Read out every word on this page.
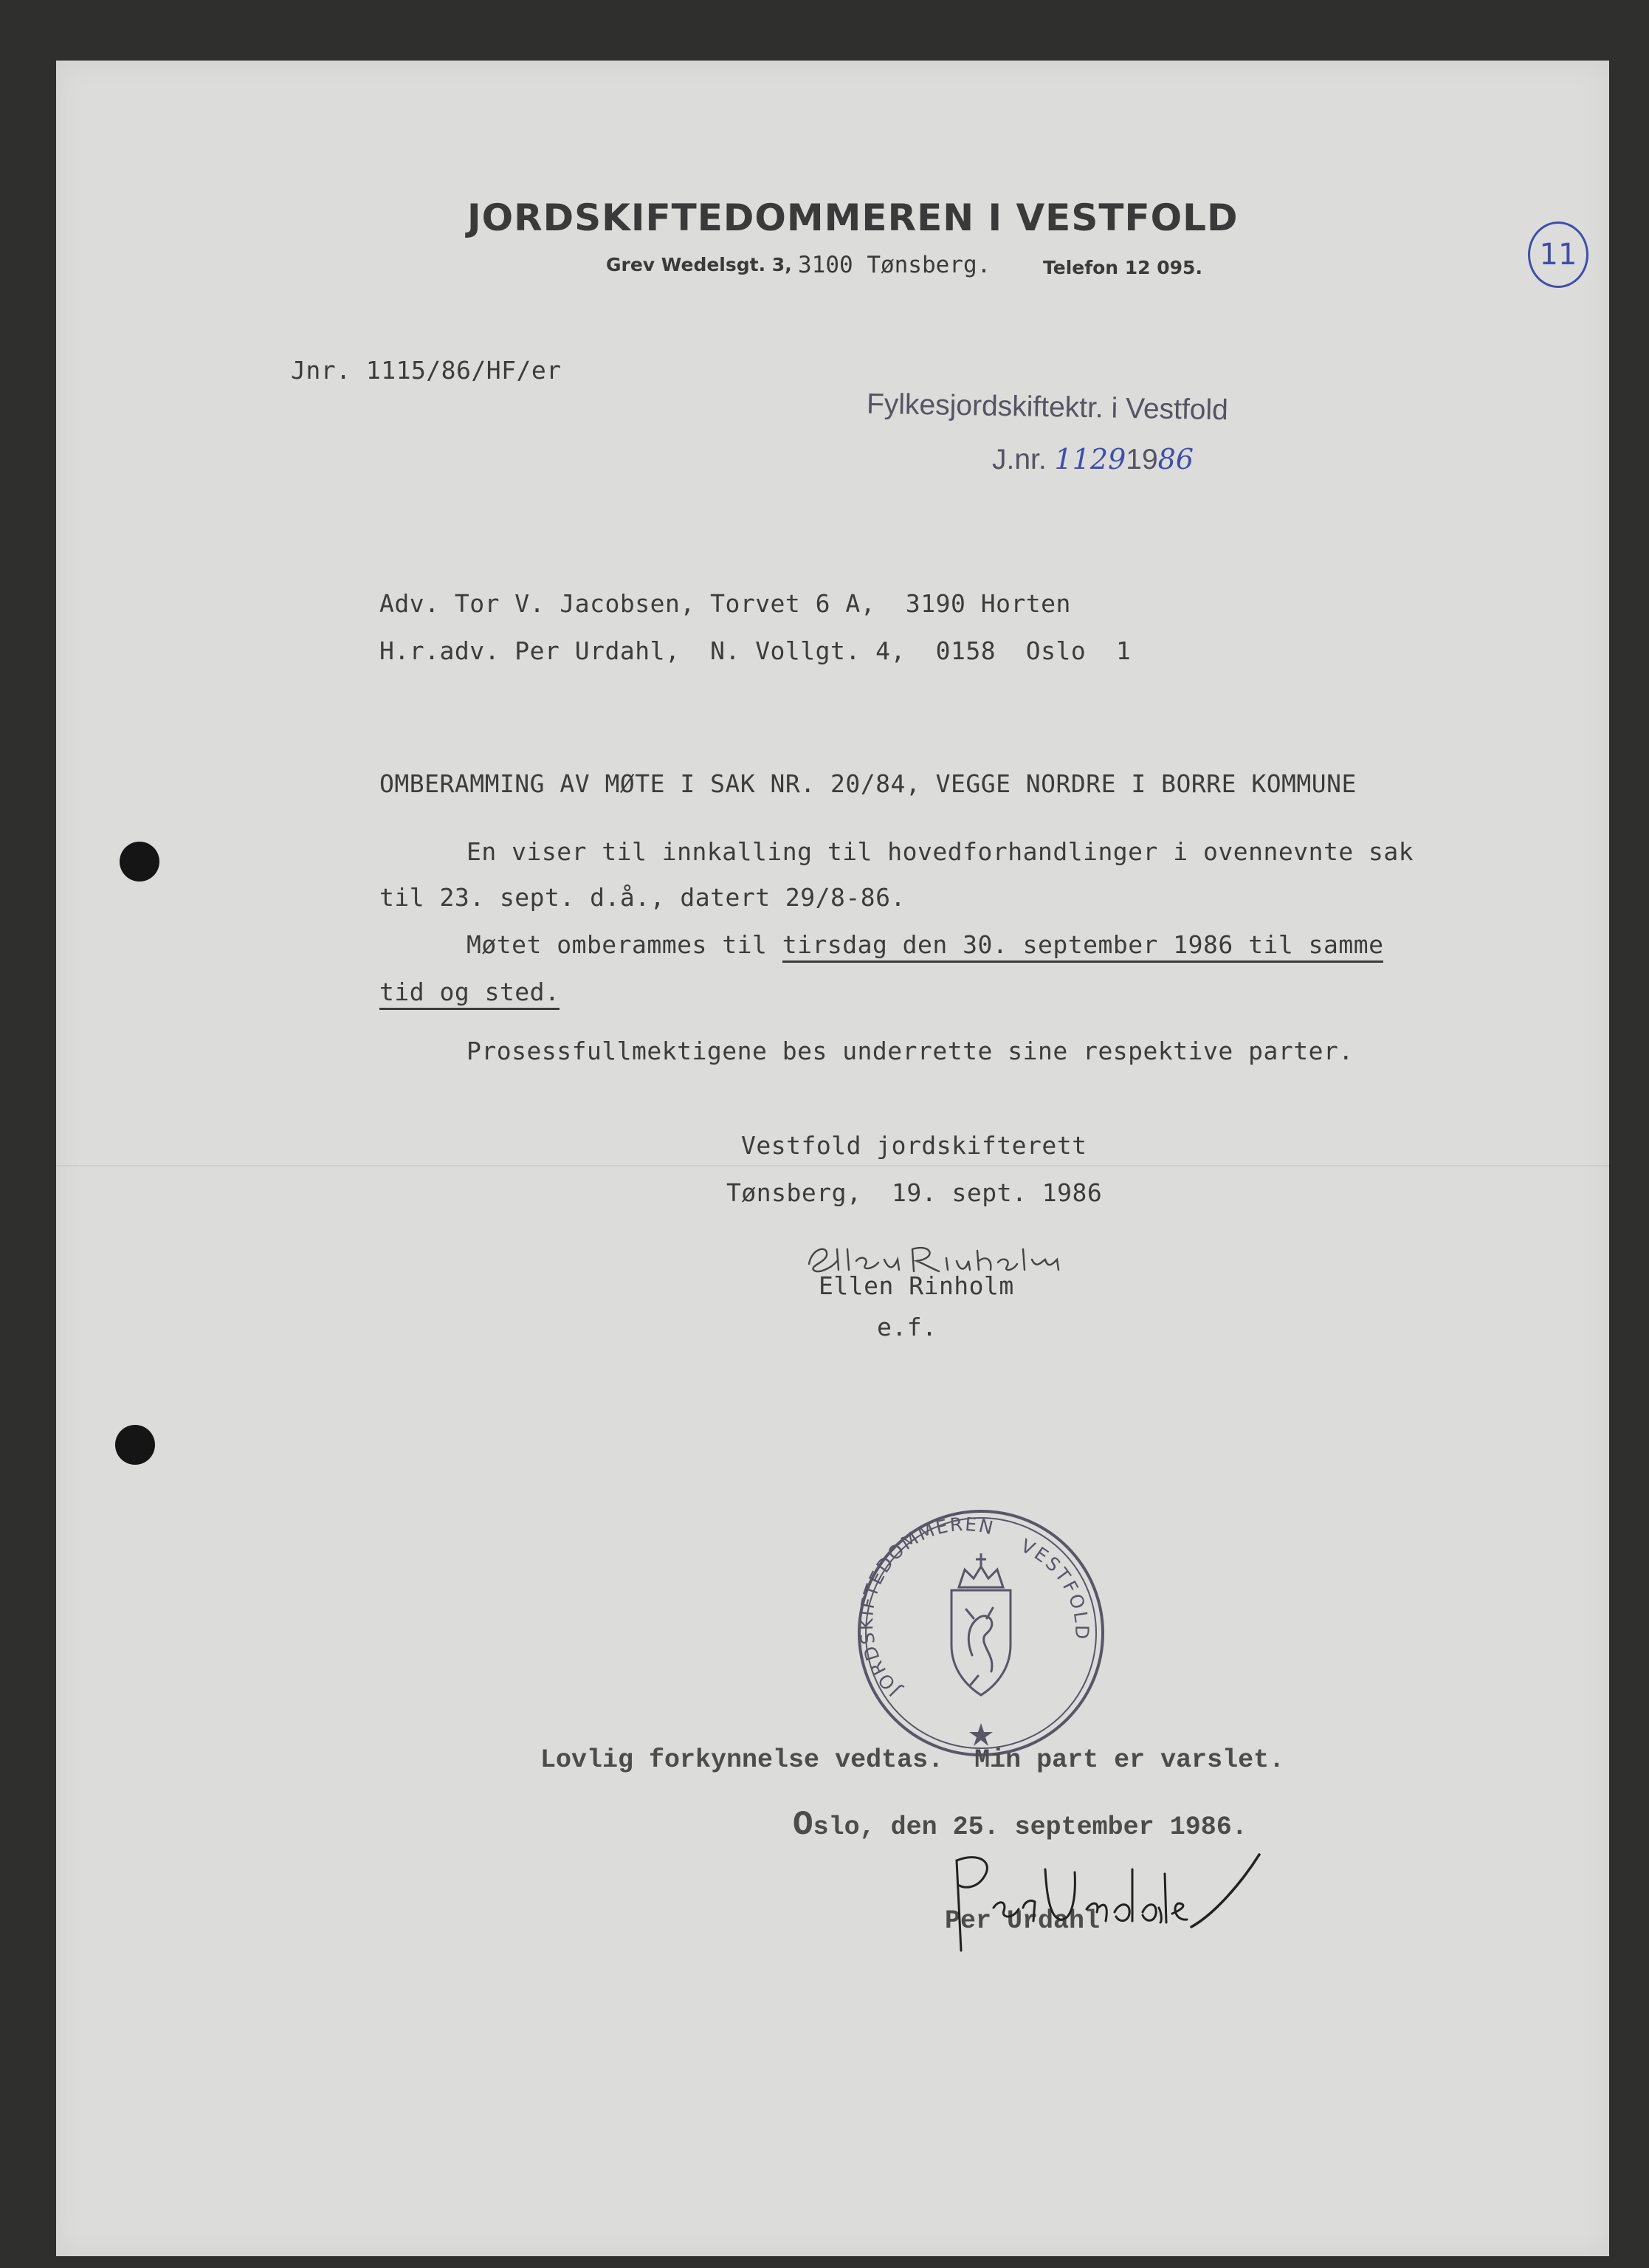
11
JORDSKIFTEDOMMEREN I VESTFOLD
Grev Wedelsgt. 3, 3100 Tønsberg.	Telefon 12 095.
Jnr. 1115/86/HF/er
Fylkesjordskiftektr. i Vestfold
J.nr. 11291986
Adv. Tor V. Jacobsen, Torvet 6 A,  3190 Horten
H.r.adv. Per Urdahl,  N. Vollgt. 4,  0158  Oslo  1
OMBERAMMING AV MØTE I SAK NR. 20/84, VEGGE NORDRE I BORRE KOMMUNE
En viser til innkalling til hovedforhandlinger i ovennevnte sak
til 23. sept. d.å., datert 29/8-86.
Møtet omberammes til tirsdag den 30. september 1986 til samme
tid og sted.
Prosessfullmektigene bes underrette sine respektive parter.
Vestfold jordskifterett
Tønsberg,  19. sept. 1986
Ellen Rinholm
e.f.
JORDSKIFTEDOMMEREN
VESTFOLD
Lovlig forkynnelse vedtas.  Min part er varslet.
Oslo, den 25. september 1986.
Per Urdahl
